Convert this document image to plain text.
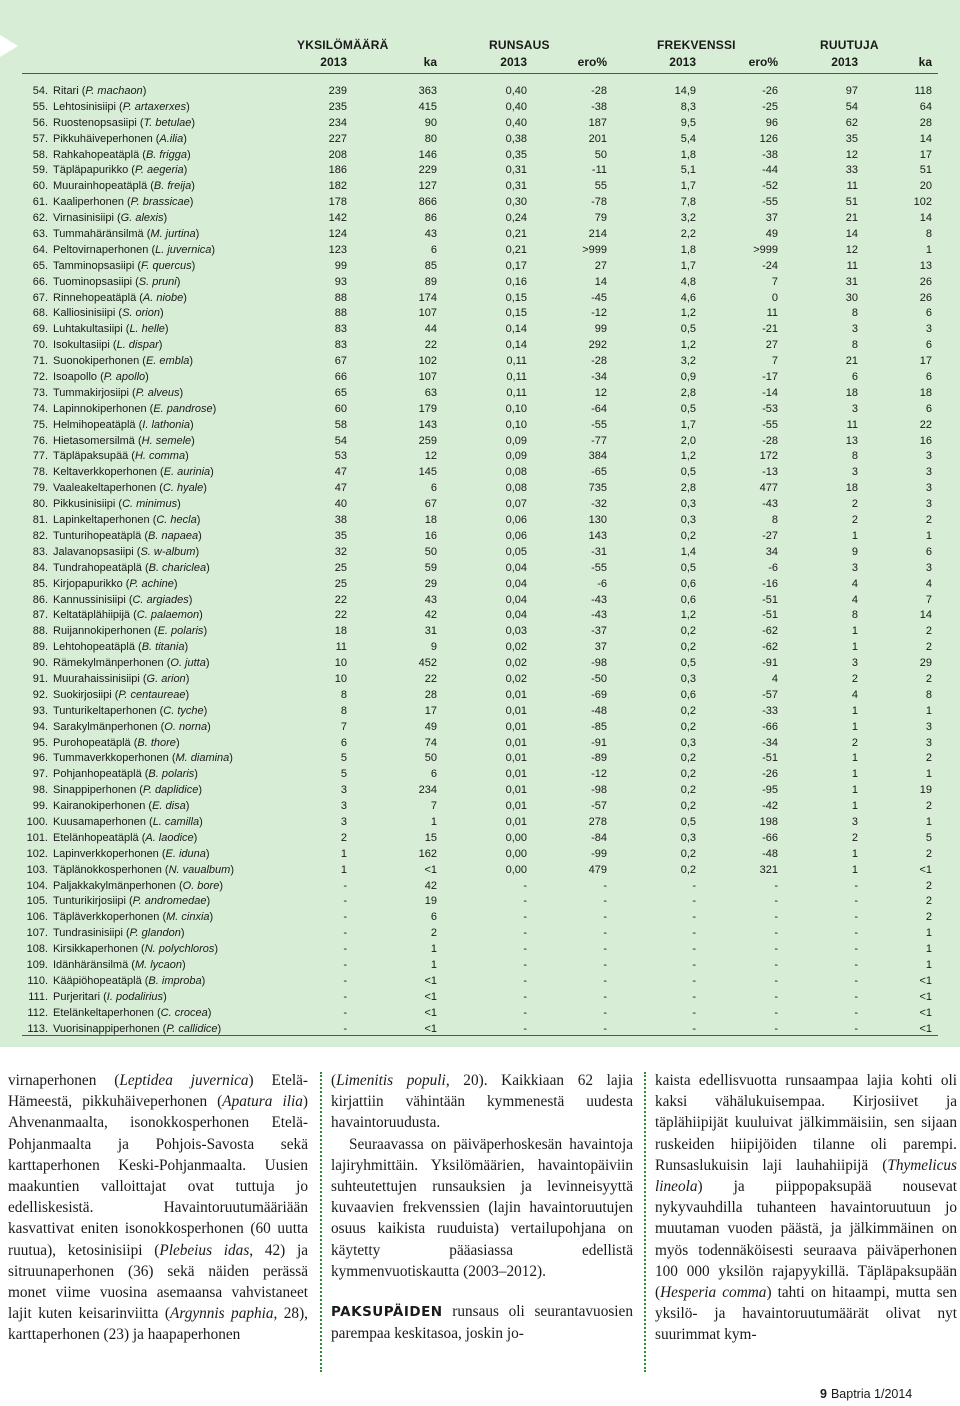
YKSILÖMÄÄRÄ	RUNSAUS	FREKVENSSI	RUUTUJA
2013	ka	2013	ero%	2013	ero%	2013	ka
54. Ritari (P. machaon)	239	363	0,40	-28	14,9	-26	97	118
55. Lehtosinisiipi (P. artaxerxes)	235	415	0,40	-38	8,3	-25	54	64
56. Ruostenopsasiipi (T. betulae)	234	90	0,40	187	9,5	96	62	28
57. Pikkuhäiveperhonen (A.ilia)	227	80	0,38	201	5,4	126	35	14
58. Rahkahopeatäplä (B. frigga)	208	146	0,35	50	1,8	-38	12	17
59. Täpläpapurikko (P. aegeria)	186	229	0,31	-11	5,1	-44	33	51
60. Muurainhopeatäplä (B. freija)	182	127	0,31	55	1,7	-52	11	20
61. Kaaliperhonen (P. brassicae)	178	866	0,30	-78	7,8	-55	51	102
62. Virnasinisiipi (G. alexis)	142	86	0,24	79	3,2	37	21	14
63. Tummahäränsilmä (M. jurtina)	124	43	0,21	214	2,2	49	14	8
64. Peltovirnaperhonen (L. juvernica)	123	6	0,21	>999	1,8	>999	12	1
65. Tamminopsasiipi (F. quercus)	99	85	0,17	27	1,7	-24	11	13
66. Tuominopsasiipi (S. pruni)	93	89	0,16	14	4,8	7	31	26
67. Rinnehopeatäplä (A. niobe)	88	174	0,15	-45	4,6	0	30	26
68. Kalliosinisiipi (S. orion)	88	107	0,15	-12	1,2	11	8	6
69. Luhtakultasiipi (L. helle)	83	44	0,14	99	0,5	-21	3	3
70. Isokultasiipi (L. dispar)	83	22	0,14	292	1,2	27	8	6
71. Suonokiperhonen (E. embla)	67	102	0,11	-28	3,2	7	21	17
72. Isoapollo (P. apollo)	66	107	0,11	-34	0,9	-17	6	6
73. Tummakirjosiipi (P. alveus)	65	63	0,11	12	2,8	-14	18	18
74. Lapinnokiperhonen (E. pandrose)	60	179	0,10	-64	0,5	-53	3	6
75. Helmihopeatäplä (I. lathonia)	58	143	0,10	-55	1,7	-55	11	22
76. Hietasomersilmä (H. semele)	54	259	0,09	-77	2,0	-28	13	16
77. Täpläpaksupää (H. comma)	53	12	0,09	384	1,2	172	8	3
78. Keltaverkkoperhonen (E. aurinia)	47	145	0,08	-65	0,5	-13	3	3
79. Vaaleakeltaperhonen (C. hyale)	47	6	0,08	735	2,8	477	18	3
80. Pikkusinisiipi (C. minimus)	40	67	0,07	-32	0,3	-43	2	3
81. Lapinkeltaperhonen (C. hecla)	38	18	0,06	130	0,3	8	2	2
82. Tunturihopeatäplä (B. napaea)	35	16	0,06	143	0,2	-27	1	1
83. Jalavanopsasiipi (S. w-album)	32	50	0,05	-31	1,4	34	9	6
84. Tundrahopeatäplä (B. chariclea)	25	59	0,04	-55	0,5	-6	3	3
85. Kirjopapurikko (P. achine)	25	29	0,04	-6	0,6	-16	4	4
86. Kannussinisiipi (C. argiades)	22	43	0,04	-43	0,6	-51	4	7
87. Keltatäplähiipijä (C. palaemon)	22	42	0,04	-43	1,2	-51	8	14
88. Ruijannokiperhonen (E. polaris)	18	31	0,03	-37	0,2	-62	1	2
89. Lehtohopeatäplä (B. titania)	11	9	0,02	37	0,2	-62	1	2
90. Rämekylmänperhonen (O. jutta)	10	452	0,02	-98	0,5	-91	3	29
91. Muurahaissinisiipi (G. arion)	10	22	0,02	-50	0,3	4	2	2
92. Suokirjosiipi (P. centaureae)	8	28	0,01	-69	0,6	-57	4	8
93. Tunturikeltaperhonen (C. tyche)	8	17	0,01	-48	0,2	-33	1	1
94. Sarakylmänperhonen (O. norna)	7	49	0,01	-85	0,2	-66	1	3
95. Purohopeatäplä (B. thore)	6	74	0,01	-91	0,3	-34	2	3
96. Tummaverkkoperhonen (M. diamina)	5	50	0,01	-89	0,2	-51	1	2
97. Pohjanhopeatäplä (B. polaris)	5	6	0,01	-12	0,2	-26	1	1
98. Sinappiperhonen (P. daplidice)	3	234	0,01	-98	0,2	-95	1	19
99. Kairanokiperhonen (E. disa)	3	7	0,01	-57	0,2	-42	1	2
100. Kuusamaperhonen (L. camilla)	3	1	0,01	278	0,5	198	3	1
101. Etelänhopeatäplä (A. laodice)	2	15	0,00	-84	0,3	-66	2	5
102. Lapinverkkoperhonen (E. iduna)	1	162	0,00	-99	0,2	-48	1	2
103. Täplänokkosperhonen (N. vaualbum)	1	<1	0,00	479	0,2	321	1	<1
104. Paljakkakylmänperhonen (O. bore)	-	42	-	-	-	-	-	2
105. Tunturikirjosiipi (P. andromedae)	-	19	-	-	-	-	-	2
106. Täpläverkkoperhonen (M. cinxia)	-	6	-	-	-	-	-	2
107. Tundrasinisiipi (P. glandon)	-	2	-	-	-	-	-	1
108. Kirsikkaperhonen (N. polychloros)	-	1	-	-	-	-	-	1
109. Idänhäränsilmä (M. lycaon)	-	1	-	-	-	-	-	1
110. Kääpiöhopeatäplä (B. improba)	-	<1	-	-	-	-	-	<1
111. Purjeritari (I. podalirius)	-	<1	-	-	-	-	-	<1
112. Etelänkeltaperhonen (C. crocea)	-	<1	-	-	-	-	-	<1
113. Vuorisinappiperhonen (P. callidice)	-	<1	-	-	-	-	-	<1
virnaperhonen (Leptidea juvernica) Etelä-Hämeestä, pikkuhäiveperhonen (Apatura ilia) Ahvenanmaalta, isonokkosperhonen Etelä-Pohjanmaalta ja Pohjois-Savosta sekä karttaperhonen Keski-Pohjanmaalta. Uusien maakuntien valloittajat ovat tuttuja jo edelliskesistä. Havaintoruutumääriään kasvattivat eniten isonokkosperhonen (60 uutta ruutua), ketosinisiipi (Plebeius idas, 42) ja sitruunaperhonen (36) sekä näiden perässä monet viime vuosina asemaansa vahvistaneet lajit kuten keisarinviitta (Argynnis paphia, 28), karttaperhonen (23) ja haapaperhonen

(Limenitis populi, 20). Kaikkiaan 62 lajia kirjattiin vähintään kymmenestä uudesta havaintoruudusta.

Seuraavassa on päiväperhoskesän havaintoja lajiryhmittäin. Yksilömäärien, havaintopäiviin suhteutettujen runsauksien ja levinneisyyttä kuvaavien frekvenssien (lajin havaintoruutujen osuus kaikista ruuduista) vertailupohjana on käytetty pääasiassa edellistä kymmenvuotiskautta (2003–2012).

PAKSUPÄIDEN runsaus oli seurantavuosien parempaa keskitasoa, joskin jo-

kaista edellisvuotta runsaampaa lajia kohti oli kaksi vähälukuisempaa. Kirjosiivet ja täplähiipijät kuuluivat jälkimmäisiin, sen sijaan ruskeiden hiipijöiden tilanne oli parempi. Runsaslukuisin laji lauhahiipijä (Thymelicus lineola) ja piippopaksupää nousevat nykyvauhdilla tuhanteen havaintoruutuun jo muutaman vuoden päästä, ja jälkimmäinen on myös todennäköisesti seuraava päiväperhonen 100 000 yksilön rajapyykillä. Täpläpaksupään (Hesperia comma) tahti on hitaampi, mutta sen yksilö- ja havaintoruutumäärät olivat nyt suurimmat kym-
9 Baptria 1/2014
